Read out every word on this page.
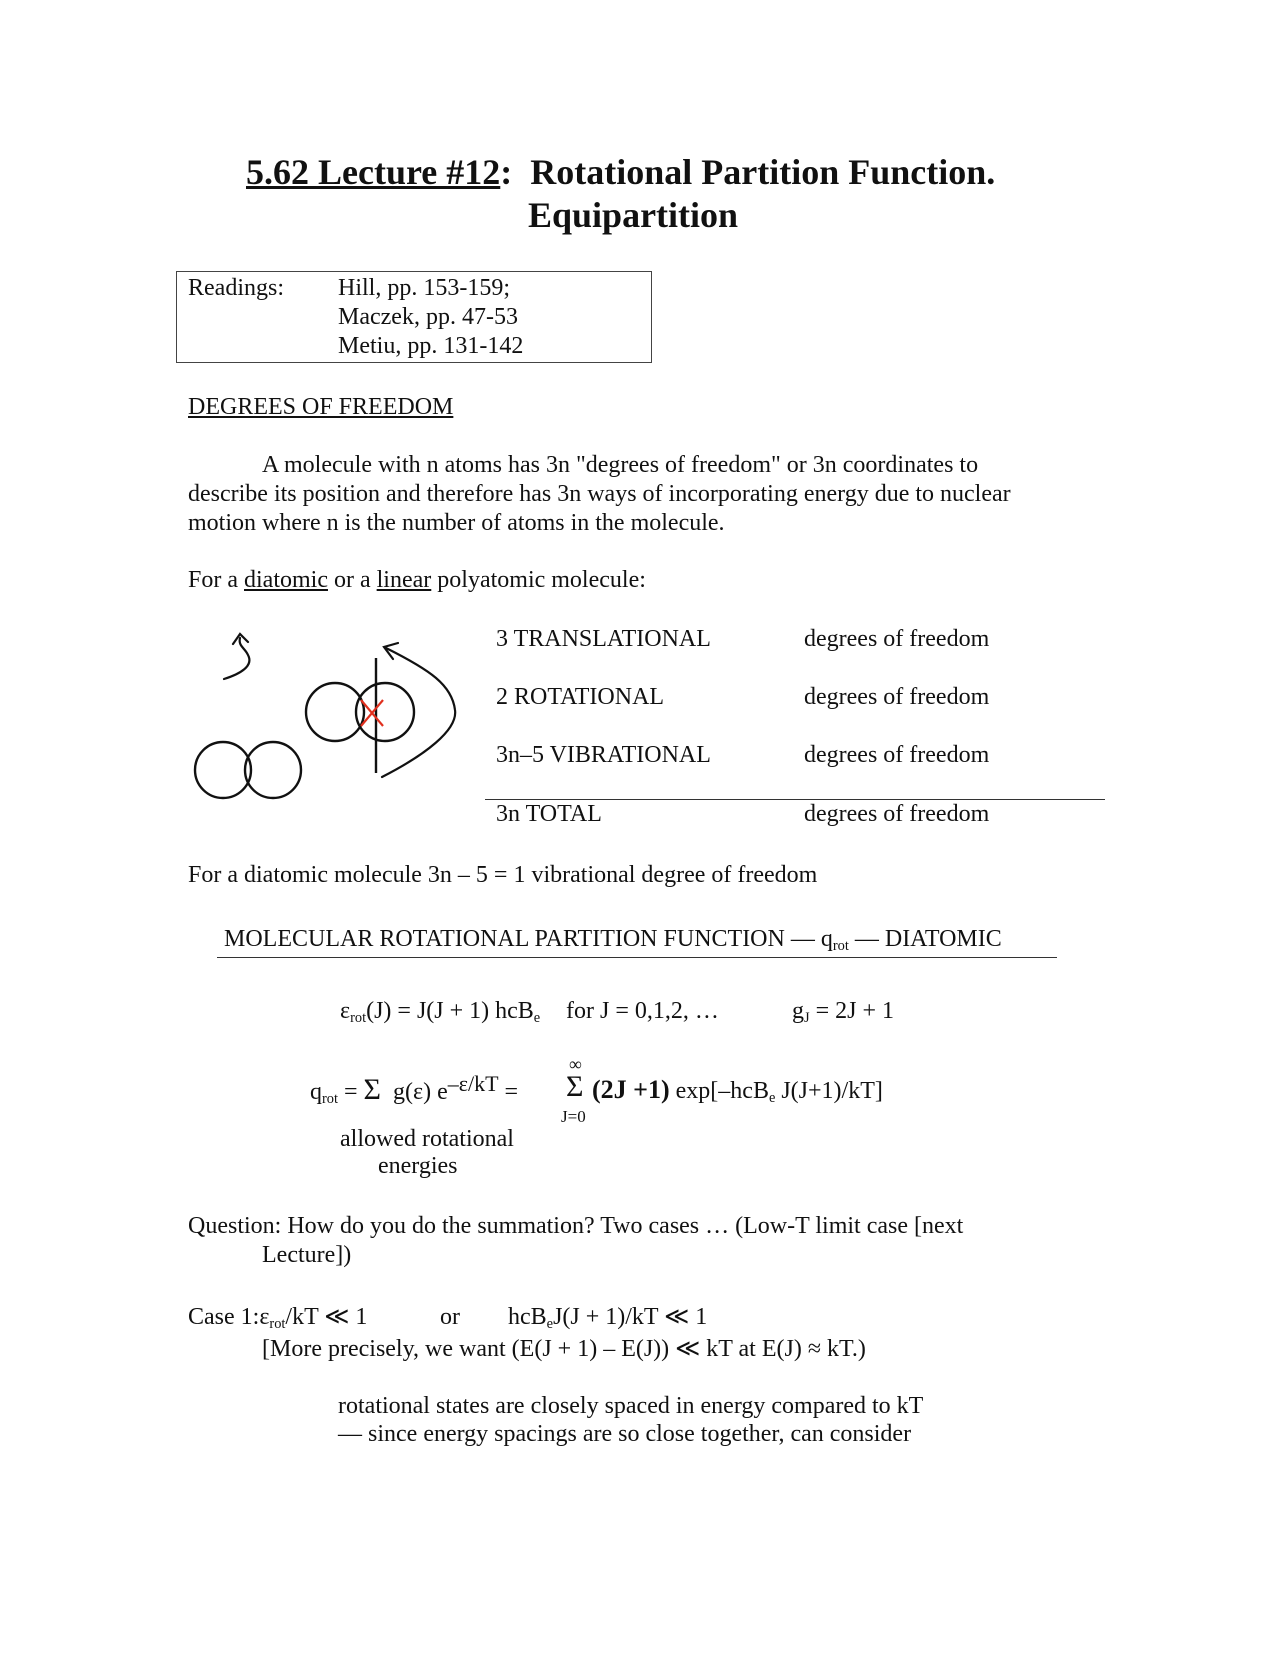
5.62 Lecture #12: Rotational Partition Function.
Equipartition
Readings: Hill, pp. 153-159;
Maczek, pp. 47-53
Metiu, pp. 131-142
DEGREES OF FREEDOM
A molecule with n atoms has 3n "degrees of freedom" or 3n coordinates to
describe its position and therefore has 3n ways of incorporating energy due to nuclear
motion where n is the number of atoms in the molecule.
For a diatomic or a linear polyatomic molecule:
3 TRANSLATIONAL	degrees of freedom
2 ROTATIONAL	degrees of freedom
3n–5 VIBRATIONAL	degrees of freedom
3n TOTAL	degrees of freedom
For a diatomic molecule 3n – 5 = 1 vibrational degree of freedom
MOLECULAR ROTATIONAL PARTITION FUNCTION — $q_{rot}$ — DIATOMIC
$\varepsilon_{rot}(J) = J(J + 1)$ hcB$_e$ for J = 0,1,2, …	$g_J = 2J + 1$
$q_{rot} = \Sigma$ g(ε) $e^{-\varepsilon/kT}$ =
∞
Σ
J=0
(2J +1) exp[–hcB$_e$ J(J+1)/kT]
allowed rotational
energies
Question: How do you do the summation? Two cases … (Low-T limit case [next
Lecture])
Case $1:\varepsilon_{rot}/kT$ ≪ 1	or hcB$_e$J(J + 1)/kT ≪ 1
[More precisely, we want (E(J + 1) – E(J)) ≪ kT at E(J) ≈ kT.)
rotational states are closely spaced in energy compared to kT
— since energy spacings are so close together, can consider
